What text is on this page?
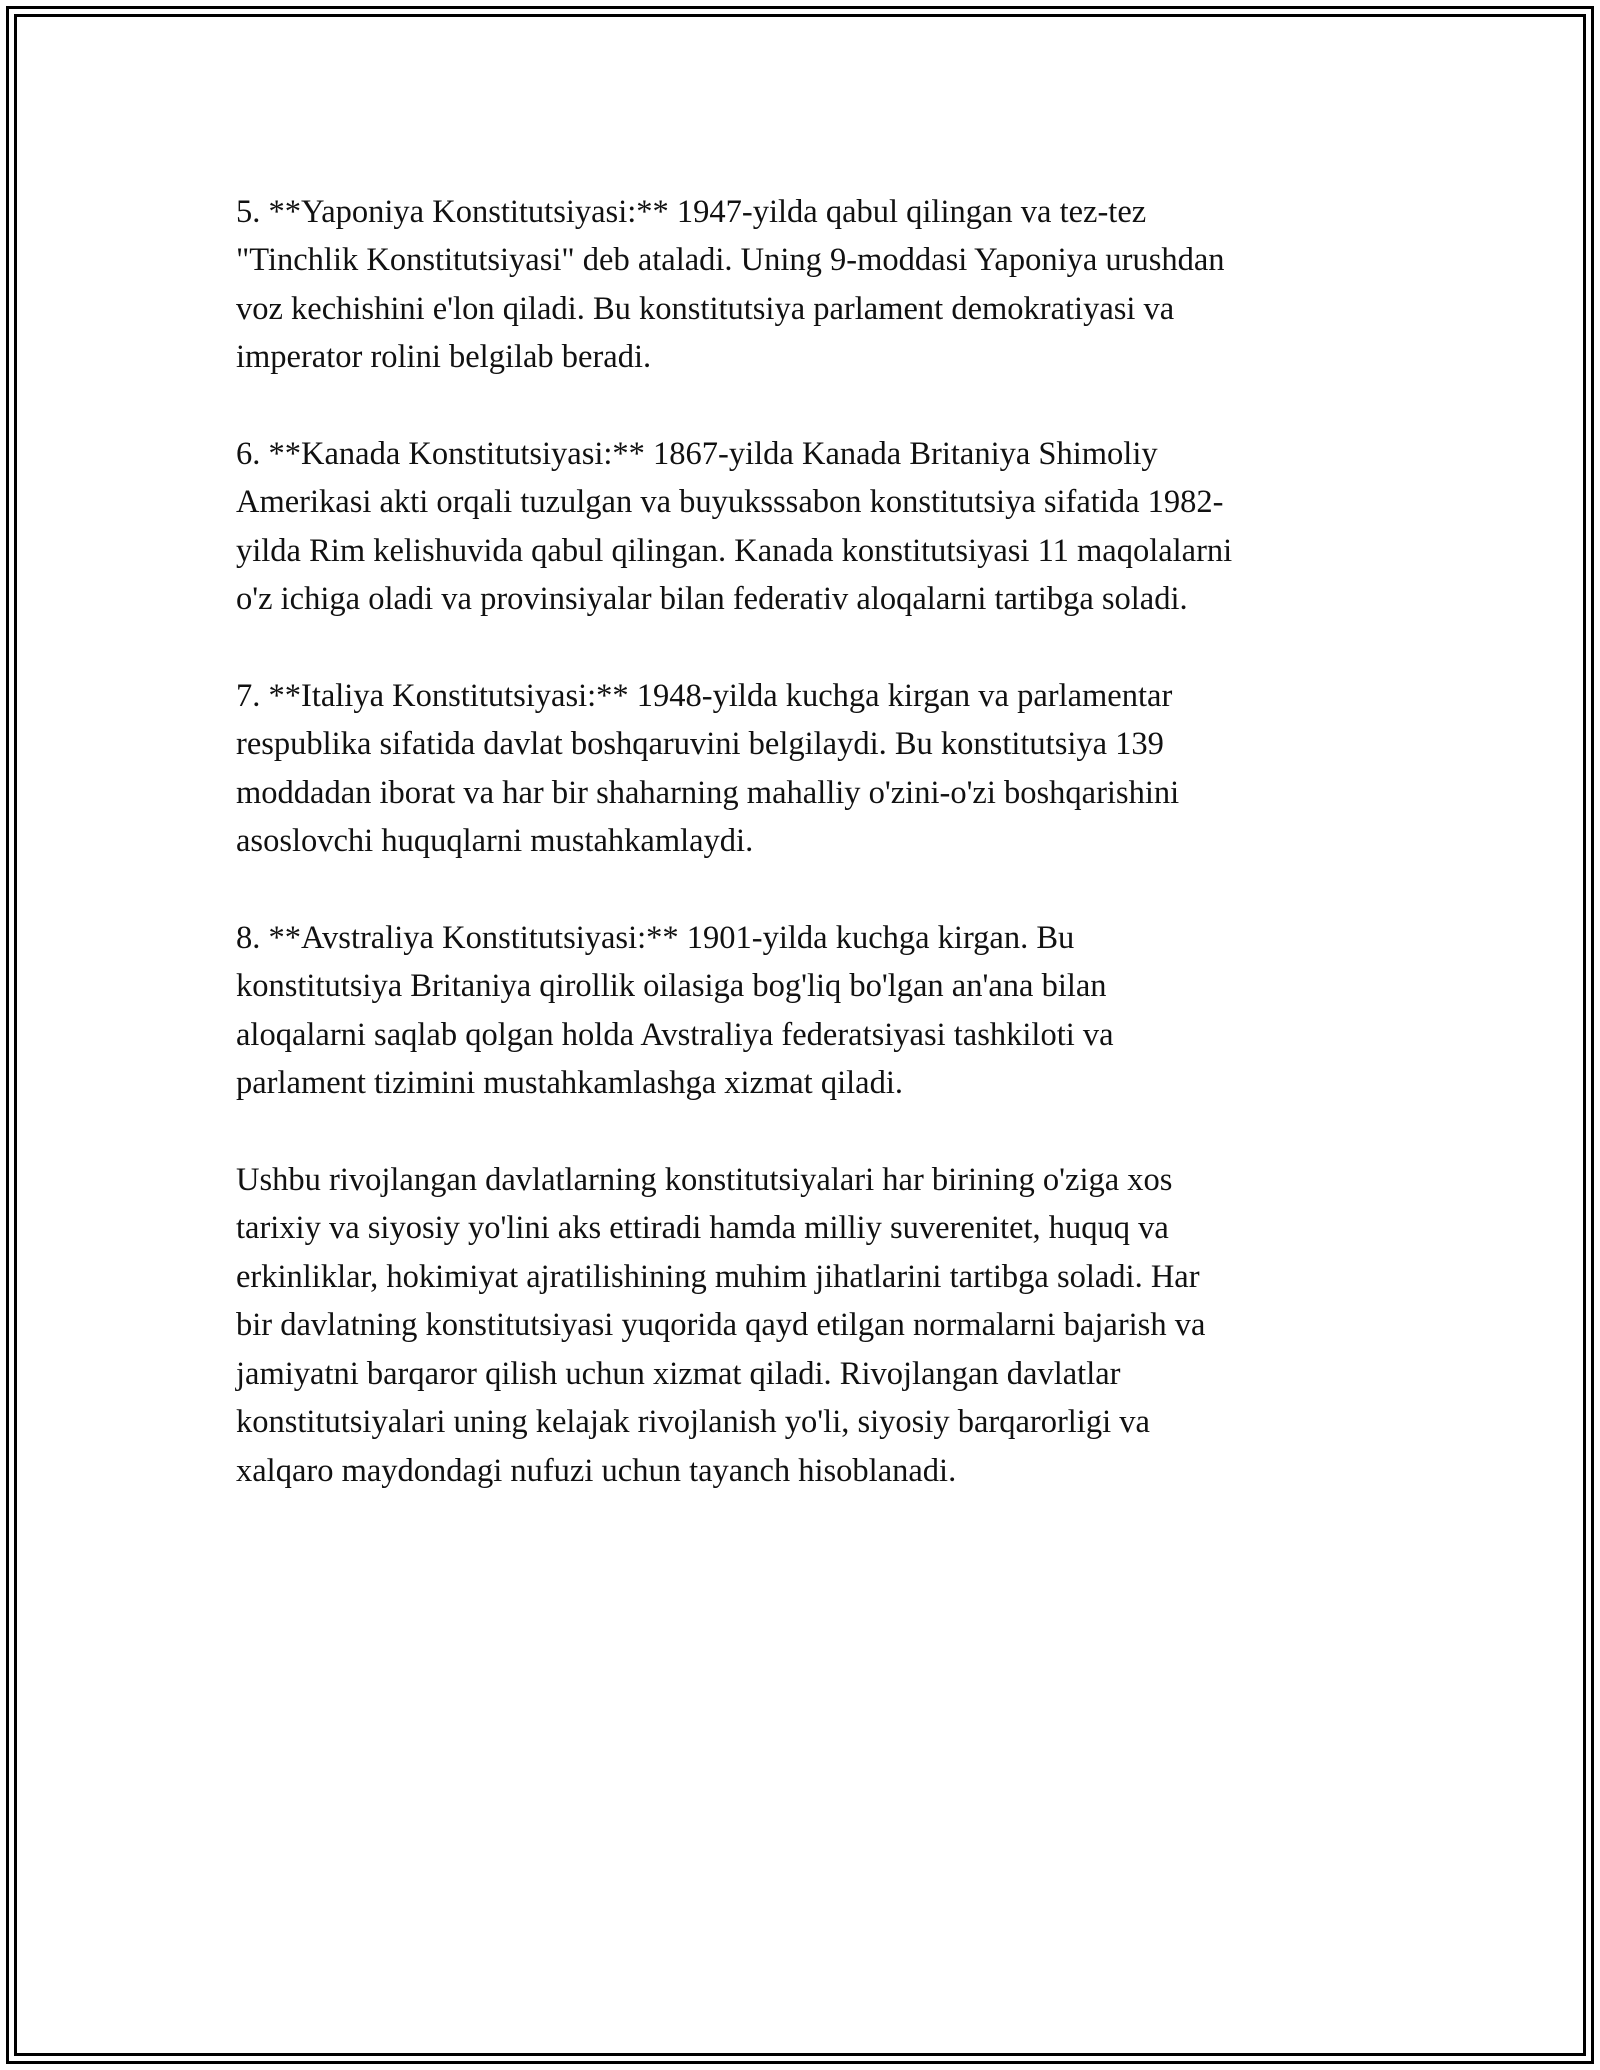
5. **Yaponiya Konstitutsiyasi:** 1947-yilda qabul qilingan va tez-tez
"Tinchlik Konstitutsiyasi" deb ataladi. Uning 9-moddasi Yaponiya urushdan
voz kechishini e'lon qiladi. Bu konstitutsiya parlament demokratiyasi va
imperator rolini belgilab beradi.

6. **Kanada Konstitutsiyasi:** 1867-yilda Kanada Britaniya Shimoliy
Amerikasi akti orqali tuzulgan va buyuksssabon konstitutsiya sifatida 1982-
yilda Rim kelishuvida qabul qilingan. Kanada konstitutsiyasi 11 maqolalarni
o'z ichiga oladi va provinsiyalar bilan federativ aloqalarni tartibga soladi.

7. **Italiya Konstitutsiyasi:** 1948-yilda kuchga kirgan va parlamentar
respublika sifatida davlat boshqaruvini belgilaydi. Bu konstitutsiya 139
moddadan iborat va har bir shaharning mahalliy o'zini-o'zi boshqarishini
asoslovchi huquqlarni mustahkamlaydi.

8. **Avstraliya Konstitutsiyasi:** 1901-yilda kuchga kirgan. Bu
konstitutsiya Britaniya qirollik oilasiga bog'liq bo'lgan an'ana bilan
aloqalarni saqlab qolgan holda Avstraliya federatsiyasi tashkiloti va
parlament tizimini mustahkamlashga xizmat qiladi.

Ushbu rivojlangan davlatlarning konstitutsiyalari har birining o'ziga xos
tarixiy va siyosiy yo'lini aks ettiradi hamda milliy suverenitet, huquq va
erkinliklar, hokimiyat ajratilishining muhim jihatlarini tartibga soladi. Har
bir davlatning konstitutsiyasi yuqorida qayd etilgan normalarni bajarish va
jamiyatni barqaror qilish uchun xizmat qiladi. Rivojlangan davlatlar
konstitutsiyalari uning kelajak rivojlanish yo'li, siyosiy barqarorligi va
xalqaro maydondagi nufuzi uchun tayanch hisoblanadi.
